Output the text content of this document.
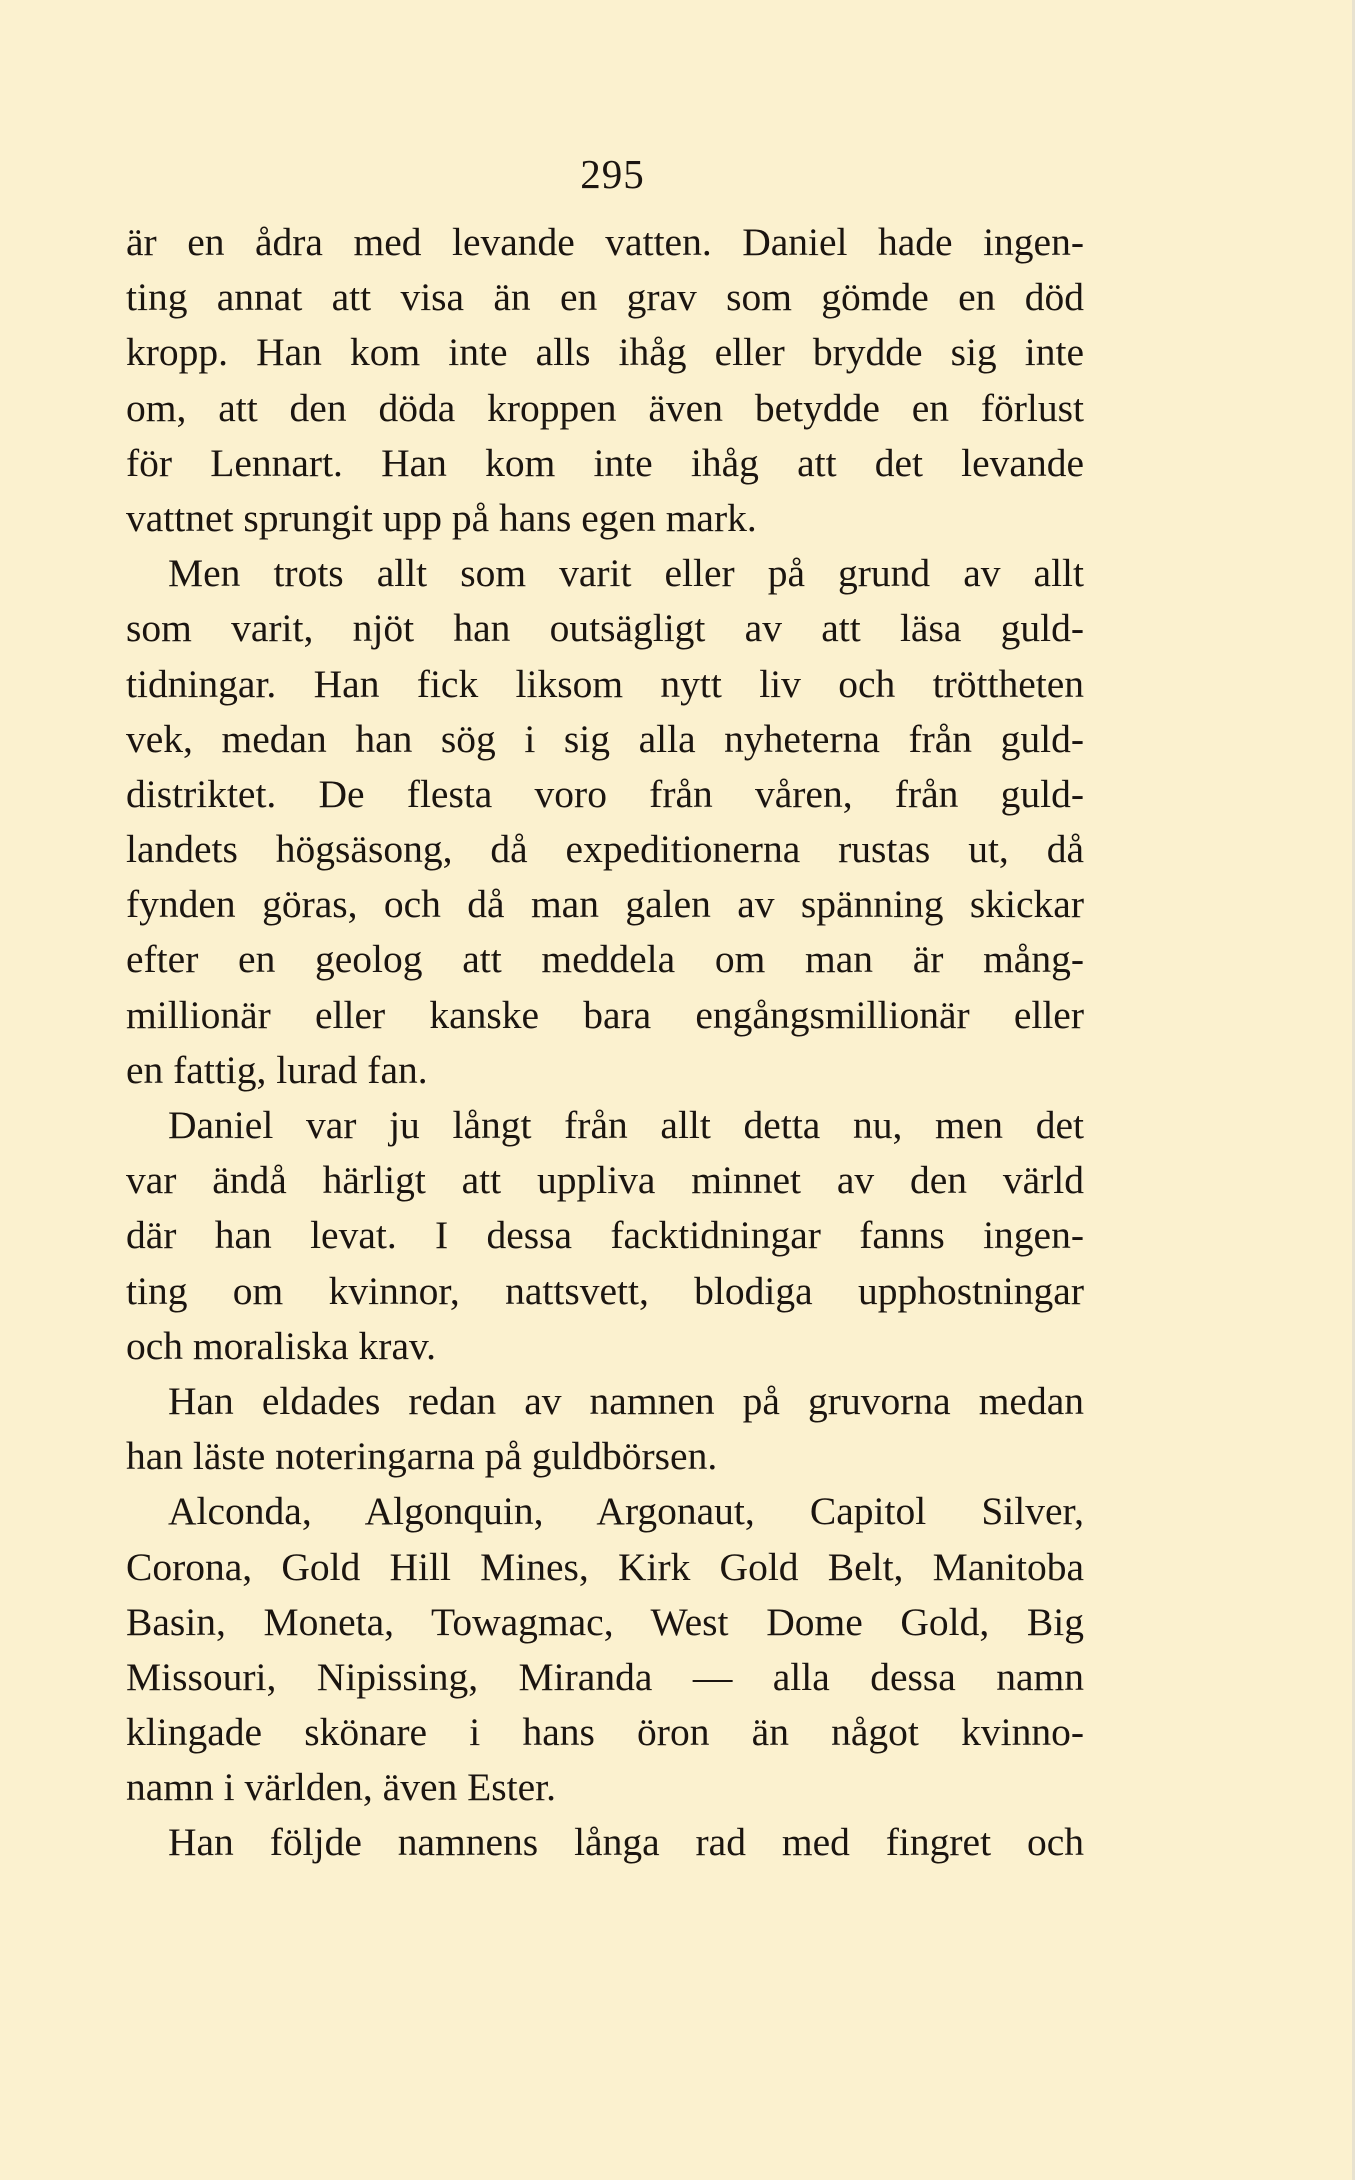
295
är en ådra med levande vatten. Daniel hade ingen-
ting annat att visa än en grav som gömde en död
kropp. Han kom inte alls ihåg eller brydde sig inte
om, att den döda kroppen även betydde en förlust
för Lennart. Han kom inte ihåg att det levande
vattnet sprungit upp på hans egen mark.
Men trots allt som varit eller på grund av allt
som varit, njöt han outsägligt av att läsa guld-
tidningar. Han fick liksom nytt liv och tröttheten
vek, medan han sög i sig alla nyheterna från guld-
distriktet. De flesta voro från våren, från guld-
landets högsäsong, då expeditionerna rustas ut, då
fynden göras, och då man galen av spänning skickar
efter en geolog att meddela om man är mång-
millionär eller kanske bara engångsmillionär eller
en fattig, lurad fan.
Daniel var ju långt från allt detta nu, men det
var ändå härligt att uppliva minnet av den värld
där han levat. I dessa facktidningar fanns ingen-
ting om kvinnor, nattsvett, blodiga upphostningar
och moraliska krav.
Han eldades redan av namnen på gruvorna medan
han läste noteringarna på guldbörsen.
Alconda, Algonquin, Argonaut, Capitol Silver,
Corona, Gold Hill Mines, Kirk Gold Belt, Manitoba
Basin, Moneta, Towagmac, West Dome Gold, Big
Missouri, Nipissing, Miranda — alla dessa namn
klingade skönare i hans öron än något kvinno-
namn i världen, även Ester.
Han följde namnens långa rad med fingret och
